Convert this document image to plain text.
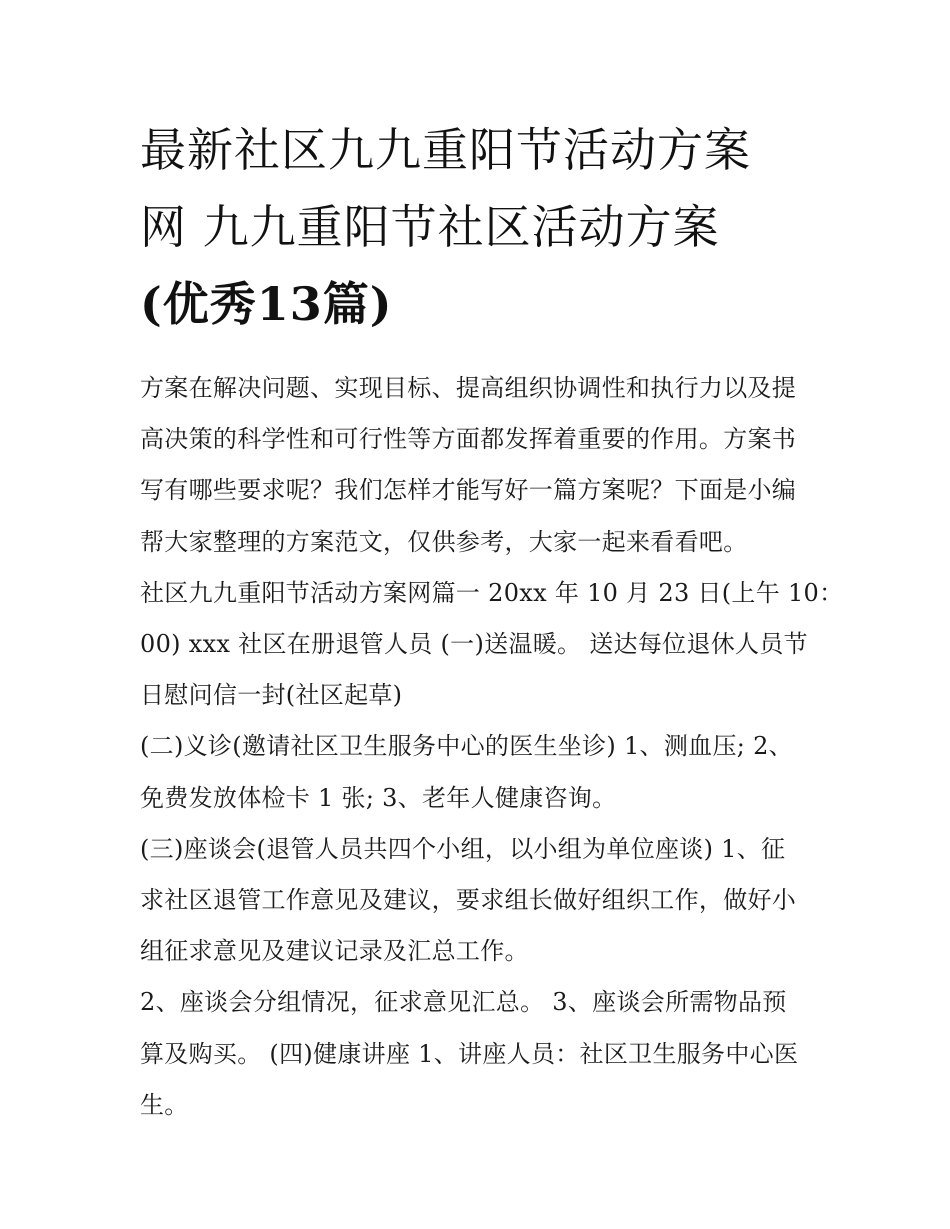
最新社区九九重阳节活动方案
网 九九重阳节社区活动方案
(优秀13篇)

方案在解决问题、实现目标、提高组织协调性和执行力以及提
高决策的科学性和可行性等方面都发挥着重要的作用。方案书
写有哪些要求呢？我们怎样才能写好一篇方案呢？下面是小编
帮大家整理的方案范文，仅供参考，大家一起来看看吧。

社区九九重阳节活动方案网篇一 20xx 年 10 月 23 日(上午 10：
00) xxx 社区在册退管人员 (一)送温暖。 送达每位退休人员节
日慰问信一封(社区起草)

(二)义诊(邀请社区卫生服务中心的医生坐诊) 1、测血压; 2、
免费发放体检卡 1 张; 3、老年人健康咨询。

(三)座谈会(退管人员共四个小组，以小组为单位座谈) 1、征
求社区退管工作意见及建议，要求组长做好组织工作，做好小
组征求意见及建议记录及汇总工作。

2、座谈会分组情况，征求意见汇总。 3、座谈会所需物品预
算及购买。 (四)健康讲座 1、讲座人员：社区卫生服务中心医
生。
